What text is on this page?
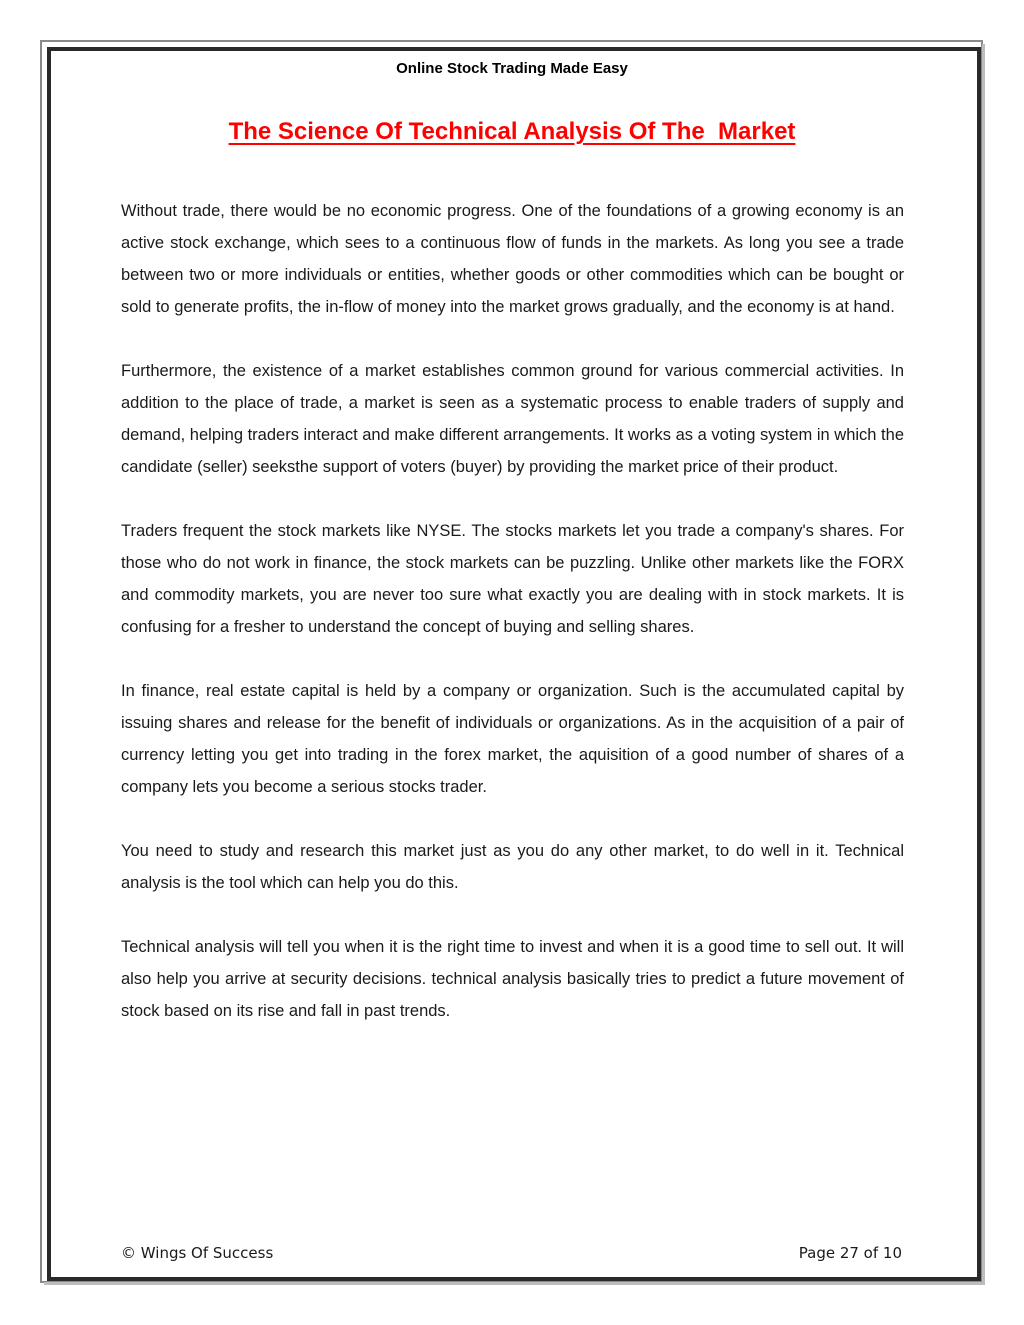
Online Stock Trading Made Easy
The Science Of Technical Analysis Of The  Market

Without trade, there would be no economic progress. One of the foundations of a growing economy is an active stock exchange, which sees to a continuous flow of funds in the markets. As long you see a trade between two or more individuals or entities, whether goods or other commodities which can be bought or sold to generate profits, the in-flow of money into the market grows gradually, and the economy is at hand.

Furthermore, the existence of a market establishes common ground for various commercial activities. In addition to the place of trade, a market is seen as a systematic process to enable traders of supply and demand, helping traders interact and make different arrangements. It works as a voting system in which the candidate (seller) seeksthe support of voters (buyer) by providing the market price of their product.

Traders frequent the stock markets like NYSE. The stocks markets let you trade a company's shares. For those who do not work in finance, the stock markets can be puzzling. Unlike other markets like the FORX and commodity markets, you are never too sure what exactly you are dealing with in stock markets. It is confusing for a fresher to understand the concept of buying and selling shares.

In finance, real estate capital is held by a company or organization. Such is the accumulated capital by issuing shares and release for the benefit of individuals or organizations. As in the acquisition of a pair of currency letting you get into trading in the forex market, the aquisition of a good number of shares of a company lets you become a serious stocks trader.

You need to study and research this market just as you do any other market, to do well in it. Technical analysis is the tool which can help you do this.

Technical analysis will tell you when it is the right time to invest and when it is a good time to sell out. It will also help you arrive at security decisions. technical analysis basically tries to predict a future movement of stock based on its rise and fall in past trends.

© Wings Of Success	Page 27 of 10
